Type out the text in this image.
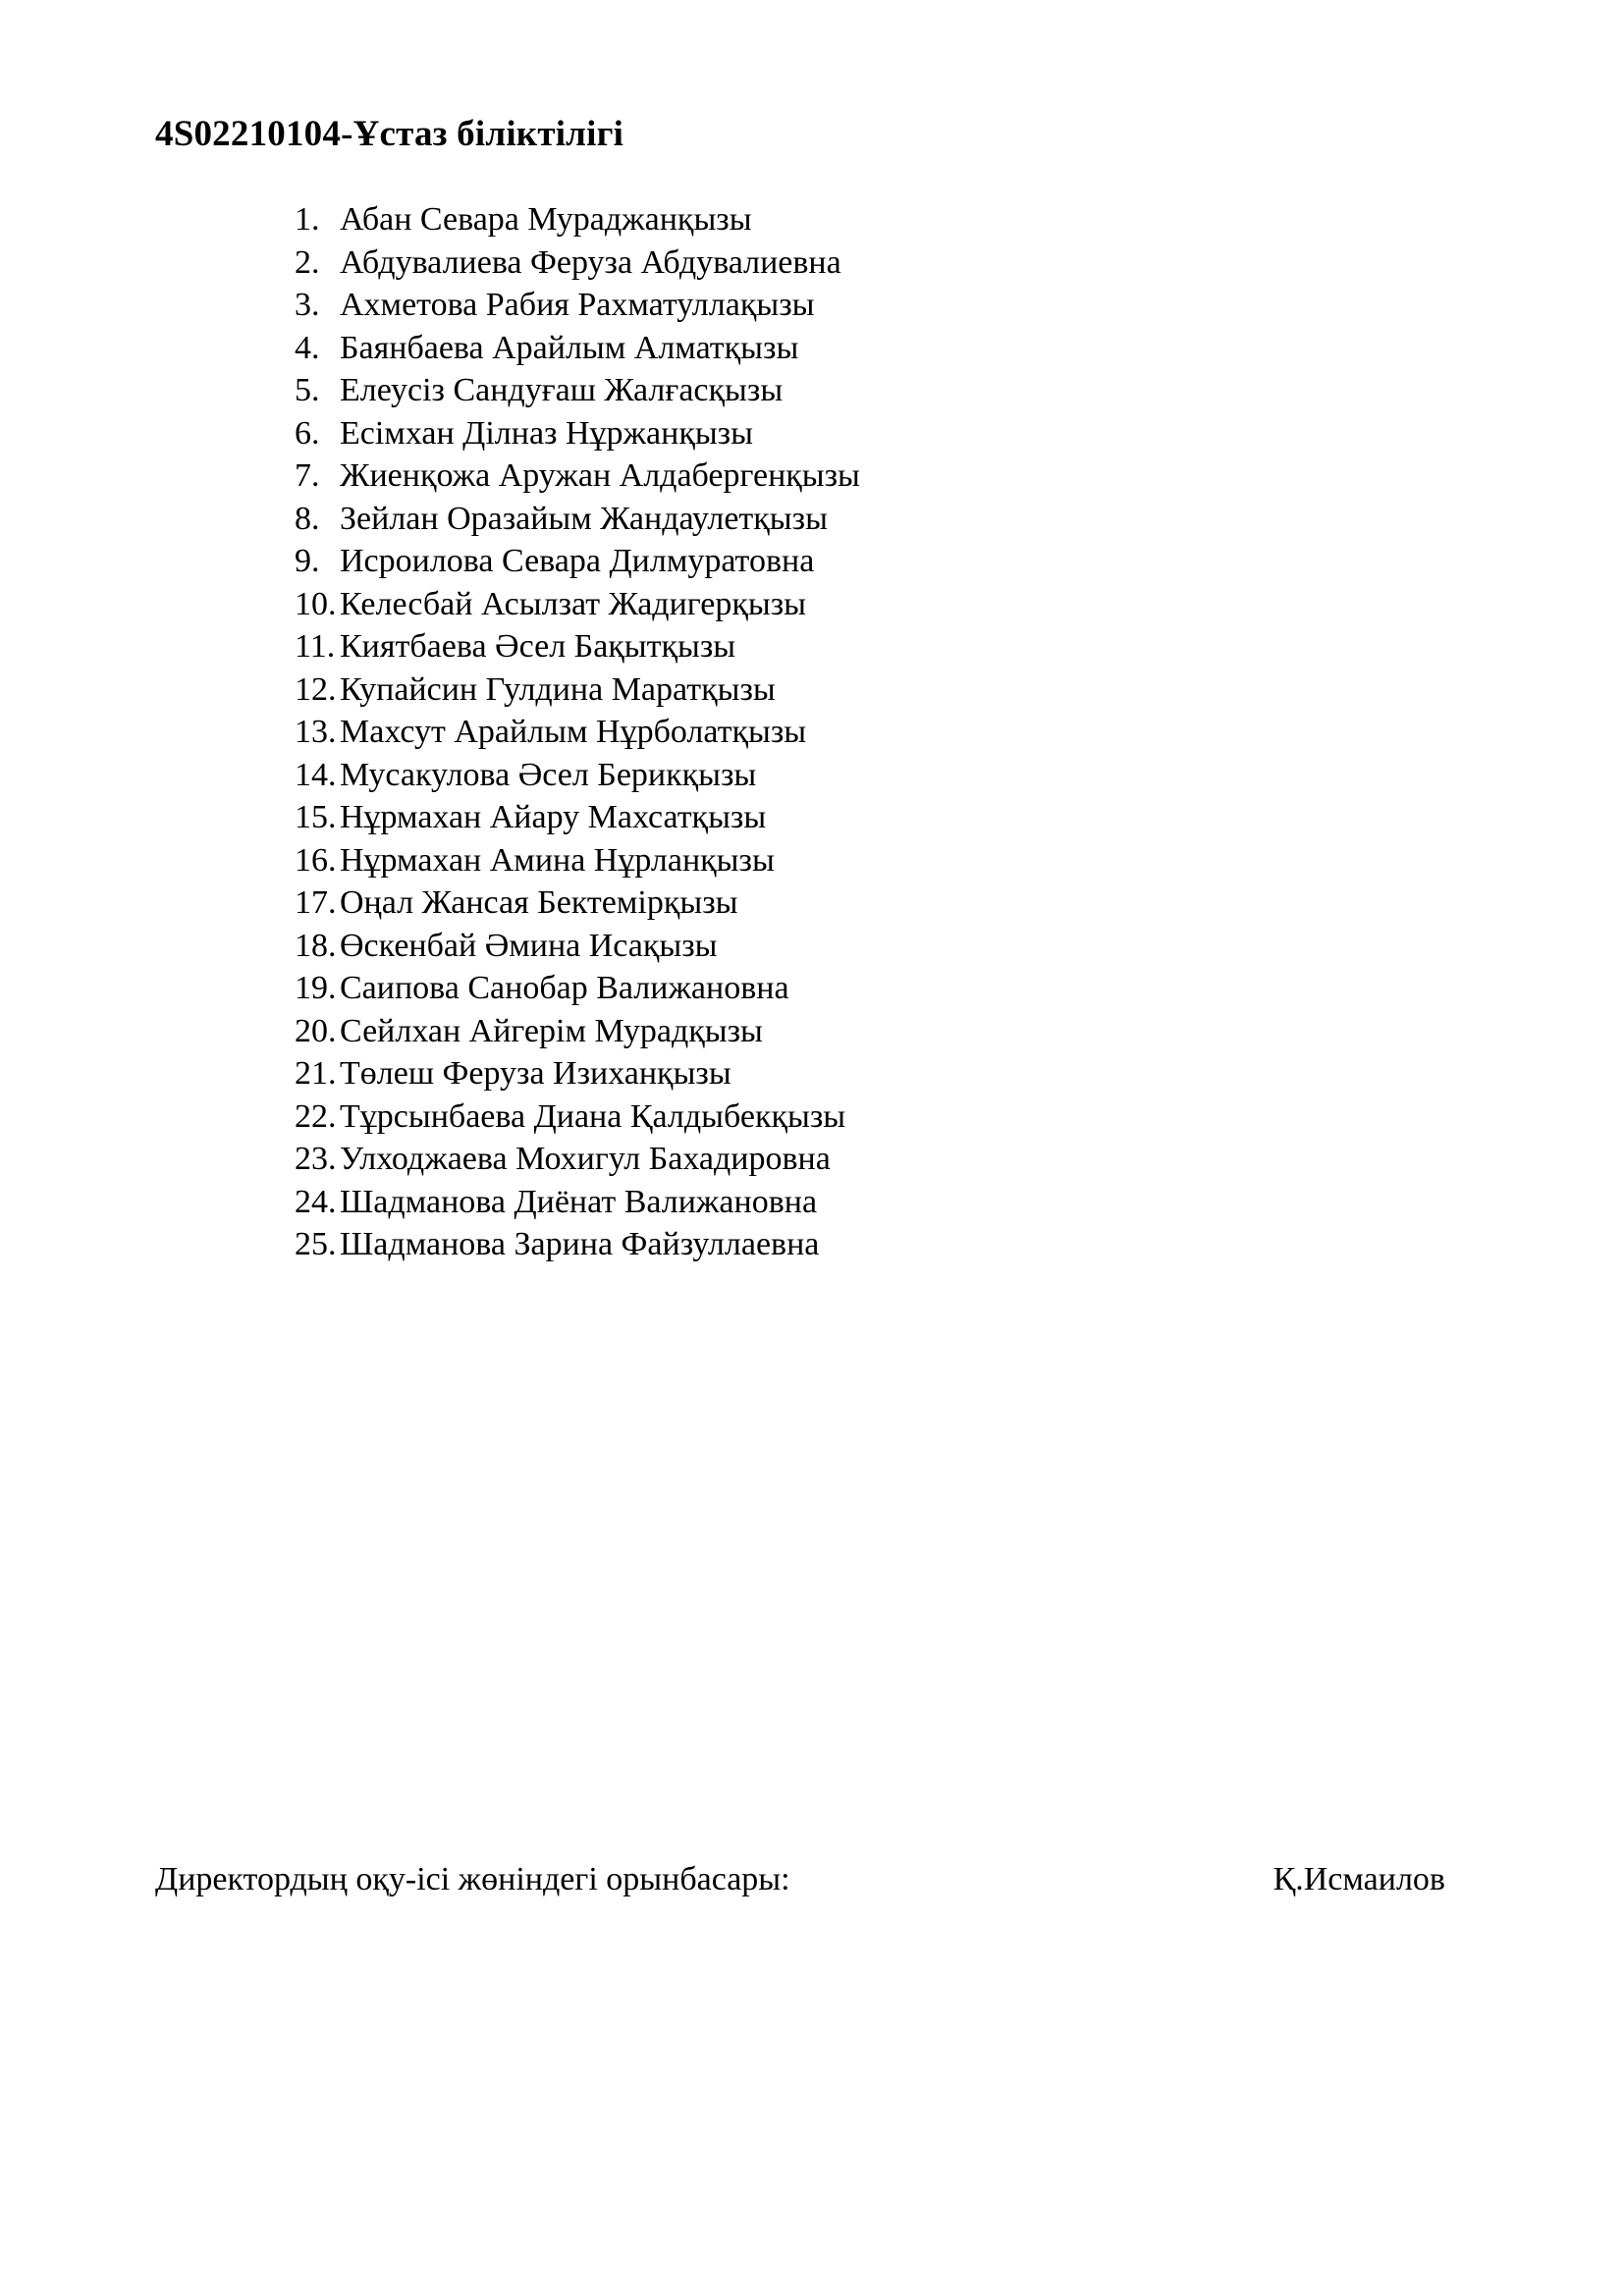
4S02210104-Ұстаз біліктілігі
1. Абан Севара Мураджанқызы
2. Абдувалиева Феруза Абдувалиевна
3. Ахметова Рабия Рахматуллақызы
4. Баянбаева Арайлым Алматқызы
5. Елеусіз Сандуғаш Жалғасқызы
6. Есімхан Ділназ Нұржанқызы
7. Жиенқожа Аружан Алдабергенқызы
8. Зейлан Оразайым Жандаулетқызы
9. Исроилова Севара Дилмуратовна
10. Келесбай Асылзат Жадигерқызы
11. Киятбаева Әсел Бақытқызы
12. Купайсин Гулдина Маратқызы
13. Махсут Арайлым Нұрболатқызы
14. Мусакулова Әсел Берикқызы
15. Нұрмахан Айару Махсатқызы
16. Нұрмахан Амина Нұрланқызы
17. Оңал Жансая Бектемірқызы
18. Өскенбай Әмина Исақызы
19. Саипова Санобар Валижановна
20. Сейлхан Айгерім Мурадқызы
21. Төлеш Феруза Изиханқызы
22. Тұрсынбаева Диана Қалдыбекқызы
23. Улходжаева Мохигул Бахадировна
24. Шадманова Диёнат Валижановна
25. Шадманова Зарина Файзуллаевна
Директордың оқу-ісі жөніндегі орынбасары:	Қ.Исмаилов
